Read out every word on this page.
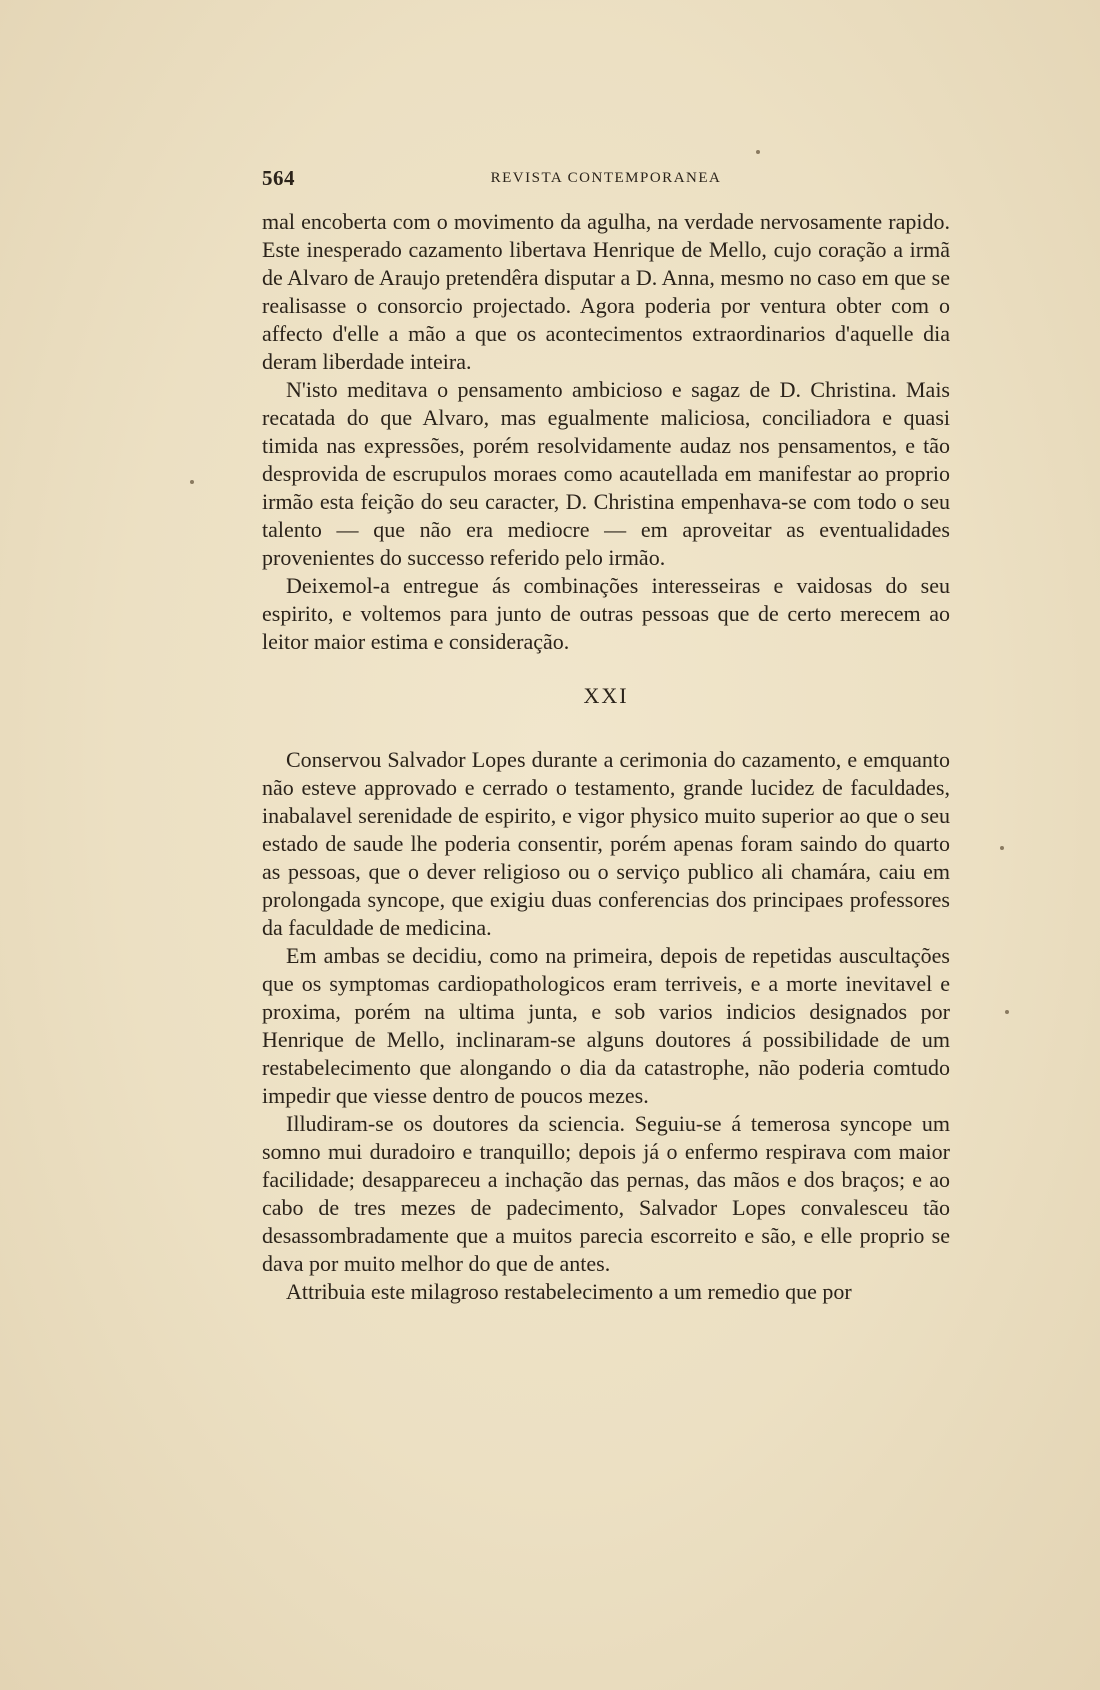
564	REVISTA CONTEMPORANEA

mal encoberta com o movimento da agulha, na verdade nervosamente rapido. Este inesperado cazamento libertava Henrique de Mello, cujo coração a irmã de Alvaro de Araujo pretendêra disputar a D. Anna, mesmo no caso em que se realisasse o consorcio projectado. Agora poderia por ventura obter com o affecto d'elle a mão a que os acontecimentos extraordinarios d'aquelle dia deram liberdade inteira.

N'isto meditava o pensamento ambicioso e sagaz de D. Christina. Mais recatada do que Alvaro, mas egualmente maliciosa, conciliadora e quasi timida nas expressões, porém resolvidamente audaz nos pensamentos, e tão desprovida de escrupulos moraes como acautellada em manifestar ao proprio irmão esta feição do seu caracter, D. Christina empenhava-se com todo o seu talento — que não era mediocre — em aproveitar as eventualidades provenientes do successo referido pelo irmão.

Deixemol-a entregue ás combinações interesseiras e vaidosas do seu espirito, e voltemos para junto de outras pessoas que de certo merecem ao leitor maior estima e consideração.

XXI

Conservou Salvador Lopes durante a cerimonia do cazamento, e emquanto não esteve approvado e cerrado o testamento, grande lucidez de faculdades, inabalavel serenidade de espirito, e vigor physico muito superior ao que o seu estado de saude lhe poderia consentir, porém apenas foram saindo do quarto as pessoas, que o dever religioso ou o serviço publico ali chamára, caiu em prolongada syncope, que exigiu duas conferencias dos principaes professores da faculdade de medicina.

Em ambas se decidiu, como na primeira, depois de repetidas auscultações que os symptomas cardiopathologicos eram terriveis, e a morte inevitavel e proxima, porém na ultima junta, e sob varios indicios designados por Henrique de Mello, inclinaram-se alguns doutores á possibilidade de um restabelecimento que alongando o dia da catastrophe, não poderia comtudo impedir que viesse dentro de poucos mezes.

Illudiram-se os doutores da sciencia. Seguiu-se á temerosa syncope um somno mui duradoiro e tranquillo; depois já o enfermo respirava com maior facilidade; desappareceu a inchação das pernas, das mãos e dos braços; e ao cabo de tres mezes de padecimento, Salvador Lopes convalesceu tão desassombradamente que a muitos parecia escorreito e são, e elle proprio se dava por muito melhor do que de antes.

Attribuia este milagroso restabelecimento a um remedio que por
